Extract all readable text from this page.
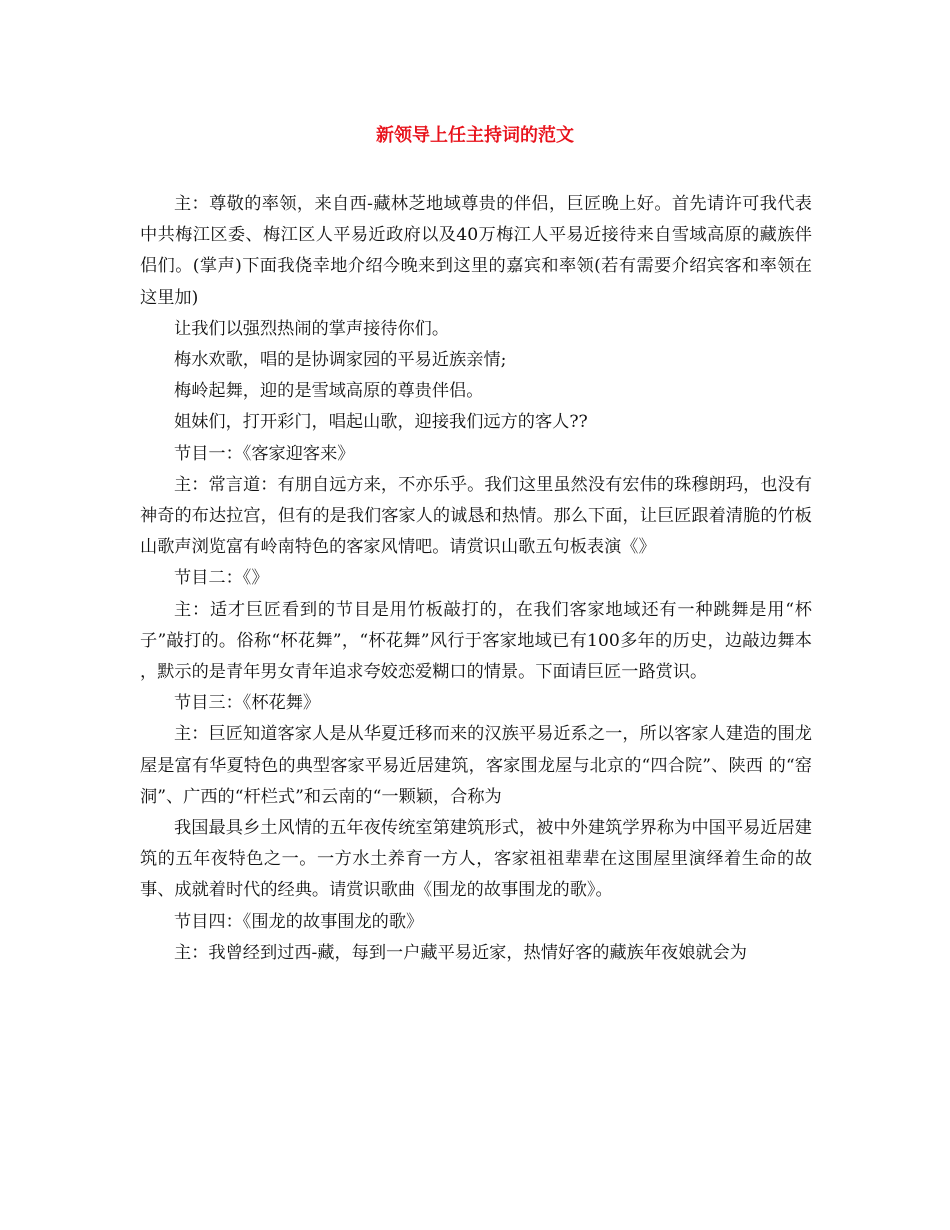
新领导上任主持词的范文

主：尊敬的率领，来自西-藏林芝地域尊贵的伴侣，巨匠晚上好。首先请许可我代表中共梅江区委、梅江区人平易近政府以及40万梅江人平易近接待来自雪域高原的藏族伴侣们。(掌声)下面我侥幸地介绍今晚来到这里的嘉宾和率领(若有需要介绍宾客和率领在这里加)

让我们以强烈热闹的掌声接待你们。

梅水欢歌，唱的是协调家园的平易近族亲情;

梅岭起舞，迎的是雪域高原的尊贵伴侣。

姐妹们，打开彩门，唱起山歌，迎接我们远方的客人??

节目一：《客家迎客来》

主：常言道：有朋自远方来，不亦乐乎。我们这里虽然没有宏伟的珠穆朗玛，也没有神奇的布达拉宫，但有的是我们客家人的诚恳和热情。那么下面，让巨匠跟着清脆的竹板山歌声浏览富有岭南特色的客家风情吧。请赏识山歌五句板表演《》

节目二：《》

主：适才巨匠看到的节目是用竹板敲打的，在我们客家地域还有一种跳舞是用“杯子”敲打的。俗称“杯花舞”，“杯花舞”风行于客家地域已有100多年的历史，边敲边舞本 ，默示的是青年男女青年追求夸姣恋爱糊口的情景。下面请巨匠一路赏识。

节目三：《杯花舞》

主：巨匠知道客家人是从华夏迁移而来的汉族平易近系之一，所以客家人建造的围龙屋是富有华夏特色的典型客家平易近居建筑，客家围龙屋与北京的“四合院”、陕西 的“窑洞”、广西的“杆栏式”和云南的“一颗颖，合称为

我国最具乡土风情的五年夜传统室第建筑形式，被中外建筑学界称为中国平易近居建筑的五年夜特色之一。一方水土养育一方人，客家祖祖辈辈在这围屋里演绎着生命的故事、成就着时代的经典。请赏识歌曲《围龙的故事围龙的歌》。

节目四：《围龙的故事围龙的歌》

主：我曾经到过西-藏，每到一户藏平易近家，热情好客的藏族年夜娘就会为
